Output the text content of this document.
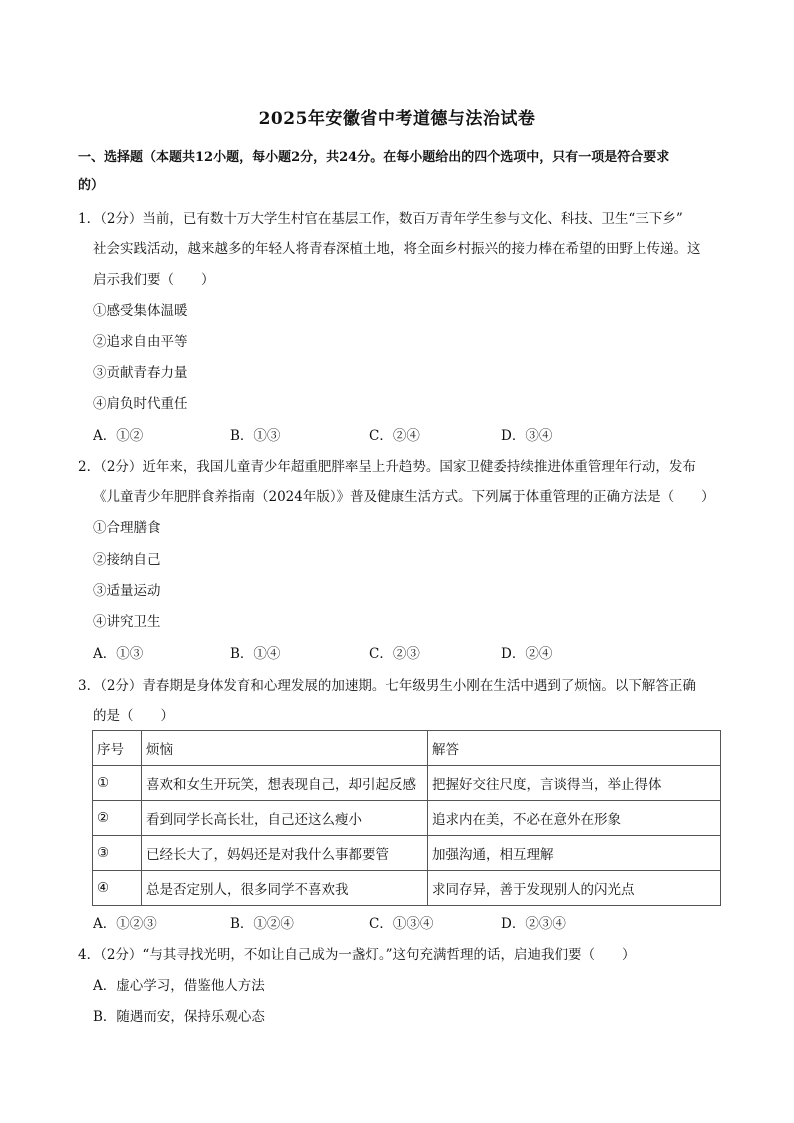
2025年安徽省中考道德与法治试卷
一、选择题（本题共12小题，每小题2分，共24分。在每小题给出的四个选项中，只有一项是符合要求
的）
1．（2分）当前，已有数十万大学生村官在基层工作，数百万青年学生参与文化、科技、卫生“三下乡”
社会实践活动，越来越多的年轻人将青春深植土地，将全面乡村振兴的接力棒在希望的田野上传递。这
启示我们要（　　）
①感受集体温暖
②追求自由平等
③贡献青春力量
④肩负时代重任
A．①②	B．①③	C．②④	D．③④
2．（2分）近年来，我国儿童青少年超重肥胖率呈上升趋势。国家卫健委持续推进体重管理年行动，发布
《儿童青少年肥胖食养指南（2024年版）》普及健康生活方式。下列属于体重管理的正确方法是（　　）
①合理膳食
②接纳自己
③适量运动
④讲究卫生
A．①③	B．①④	C．②③	D．②④
3．（2分）青春期是身体发育和心理发展的加速期。七年级男生小刚在生活中遇到了烦恼。以下解答正确
的是（　　）
序号	烦恼	解答
①	喜欢和女生开玩笑，想表现自己，却引起反感	把握好交往尺度，言谈得当，举止得体
②	看到同学长高长壮，自己还这么瘦小	追求内在美，不必在意外在形象
③	已经长大了，妈妈还是对我什么事都要管	加强沟通，相互理解
④	总是否定别人，很多同学不喜欢我	求同存异，善于发现别人的闪光点
A．①②③	B．①②④	C．①③④	D．②③④
4．（2分）“与其寻找光明，不如让自己成为一盏灯。”这句充满哲理的话，启迪我们要（　　）
A．虚心学习，借鉴他人方法
B．随遇而安，保持乐观心态
